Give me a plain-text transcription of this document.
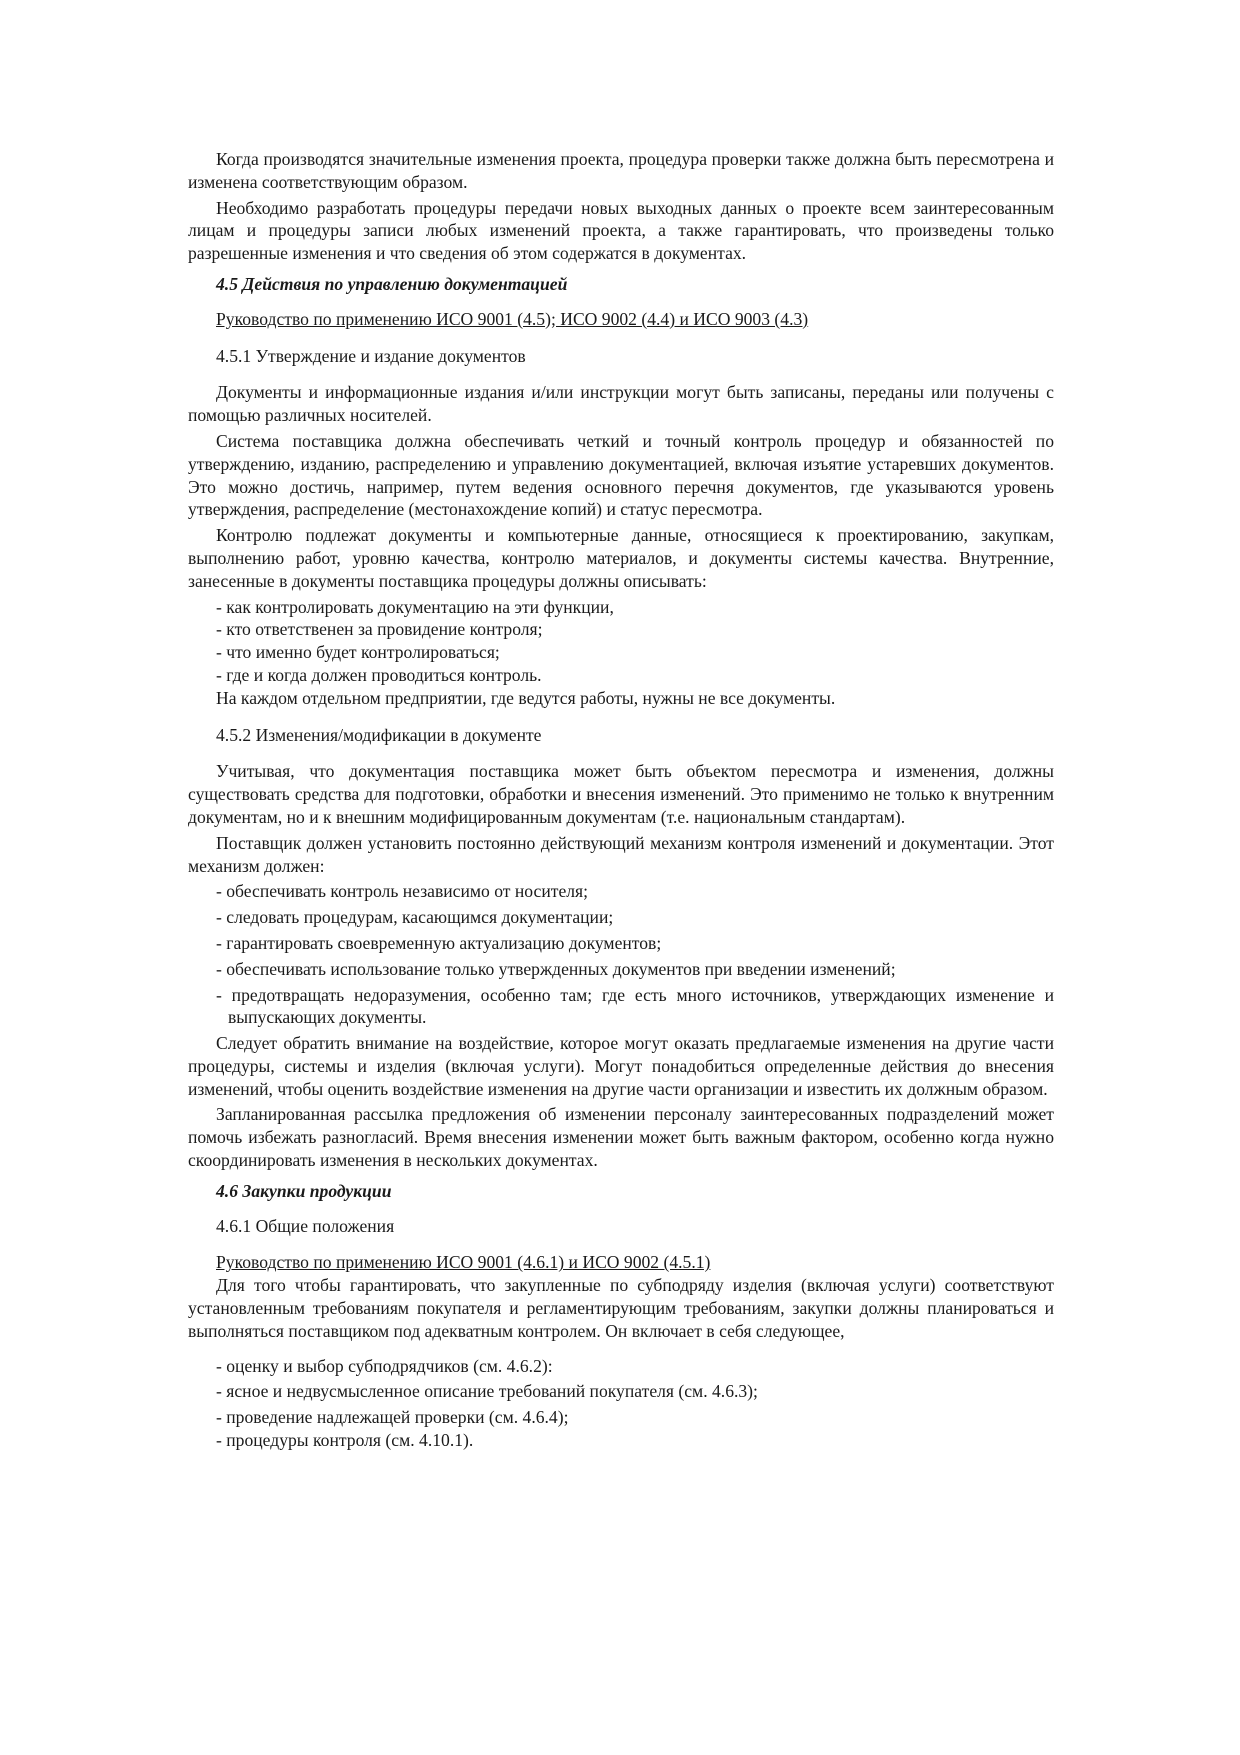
Когда производятся значительные изменения проекта, процедура проверки также должна быть пересмотрена и изменена соответствующим образом.

Необходимо разработать процедуры передачи новых выходных данных о проекте всем заинтересованным лицам и процедуры записи любых изменений проекта, а также гарантировать, что произведены только разрешенные изменения и что сведения об этом содержатся в документах.

4.5 Действия по управлению документацией

Руководство по применению ИСО 9001 (4.5); ИСО 9002 (4.4) и ИСО 9003 (4.3)

4.5.1 Утверждение и издание документов

Документы и информационные издания и/или инструкции могут быть записаны, переданы или получены с помощью различных носителей.

Система поставщика должна обеспечивать четкий и точный контроль процедур и обязанностей по утверждению, изданию, распределению и управлению документацией, включая изъятие устаревших документов. Это можно достичь, например, путем ведения основного перечня документов, где указываются уровень утверждения, распределение (местонахождение копий) и статус пересмотра.

Контролю подлежат документы и компьютерные данные, относящиеся к проектированию, закупкам, выполнению работ, уровню качества, контролю материалов, и документы системы качества. Внутренние, занесенные в документы поставщика процедуры должны описывать:

- как контролировать документацию на эти функции,

- кто ответственен за провидение контроля;

- что именно будет контролироваться;

- где и когда должен проводиться контроль.

На каждом отдельном предприятии, где ведутся работы, нужны не все документы.

4.5.2 Изменения/модификации в документе

Учитывая, что документация поставщика может быть объектом пересмотра и изменения, должны существовать средства для подготовки, обработки и внесения изменений. Это применимо не только к внутренним документам, но и к внешним модифицированным документам (т.е. национальным стандартам).

Поставщик должен установить постоянно действующий механизм контроля изменений и документации. Этот механизм должен:

- обеспечивать контроль независимо от носителя;

- следовать процедурам, касающимся документации;

- гарантировать своевременную актуализацию документов;

- обеспечивать использование только утвержденных документов при введении изменений;

- предотвращать недоразумения, особенно там; где есть много источников, утверждающих изменение и выпускающих документы.

Следует обратить внимание на воздействие, которое могут оказать предлагаемые изменения на другие части процедуры, системы и изделия (включая услуги). Могут понадобиться определенные действия до внесения изменений, чтобы оценить воздействие изменения на другие части организации и известить их должным образом.

Запланированная рассылка предложения об изменении персоналу заинтересованных подразделений может помочь избежать разногласий. Время внесения изменении может быть важным фактором, особенно когда нужно скоординировать изменения в нескольких документах.

4.6 Закупки продукции

4.6.1 Общие положения

Руководство по применению ИСО 9001 (4.6.1) и ИСО 9002 (4.5.1)

Для того чтобы гарантировать, что закупленные по субподряду изделия (включая услуги) соответствуют установленным требованиям покупателя и регламентирующим требованиям, закупки должны планироваться и выполняться поставщиком под адекватным контролем. Он включает в себя следующее,

- оценку и выбор субподрядчиков (см. 4.6.2):

- ясное и недвусмысленное описание требований покупателя (см. 4.6.3);

- проведение надлежащей проверки (см. 4.6.4);

- процедуры контроля (см. 4.10.1).
